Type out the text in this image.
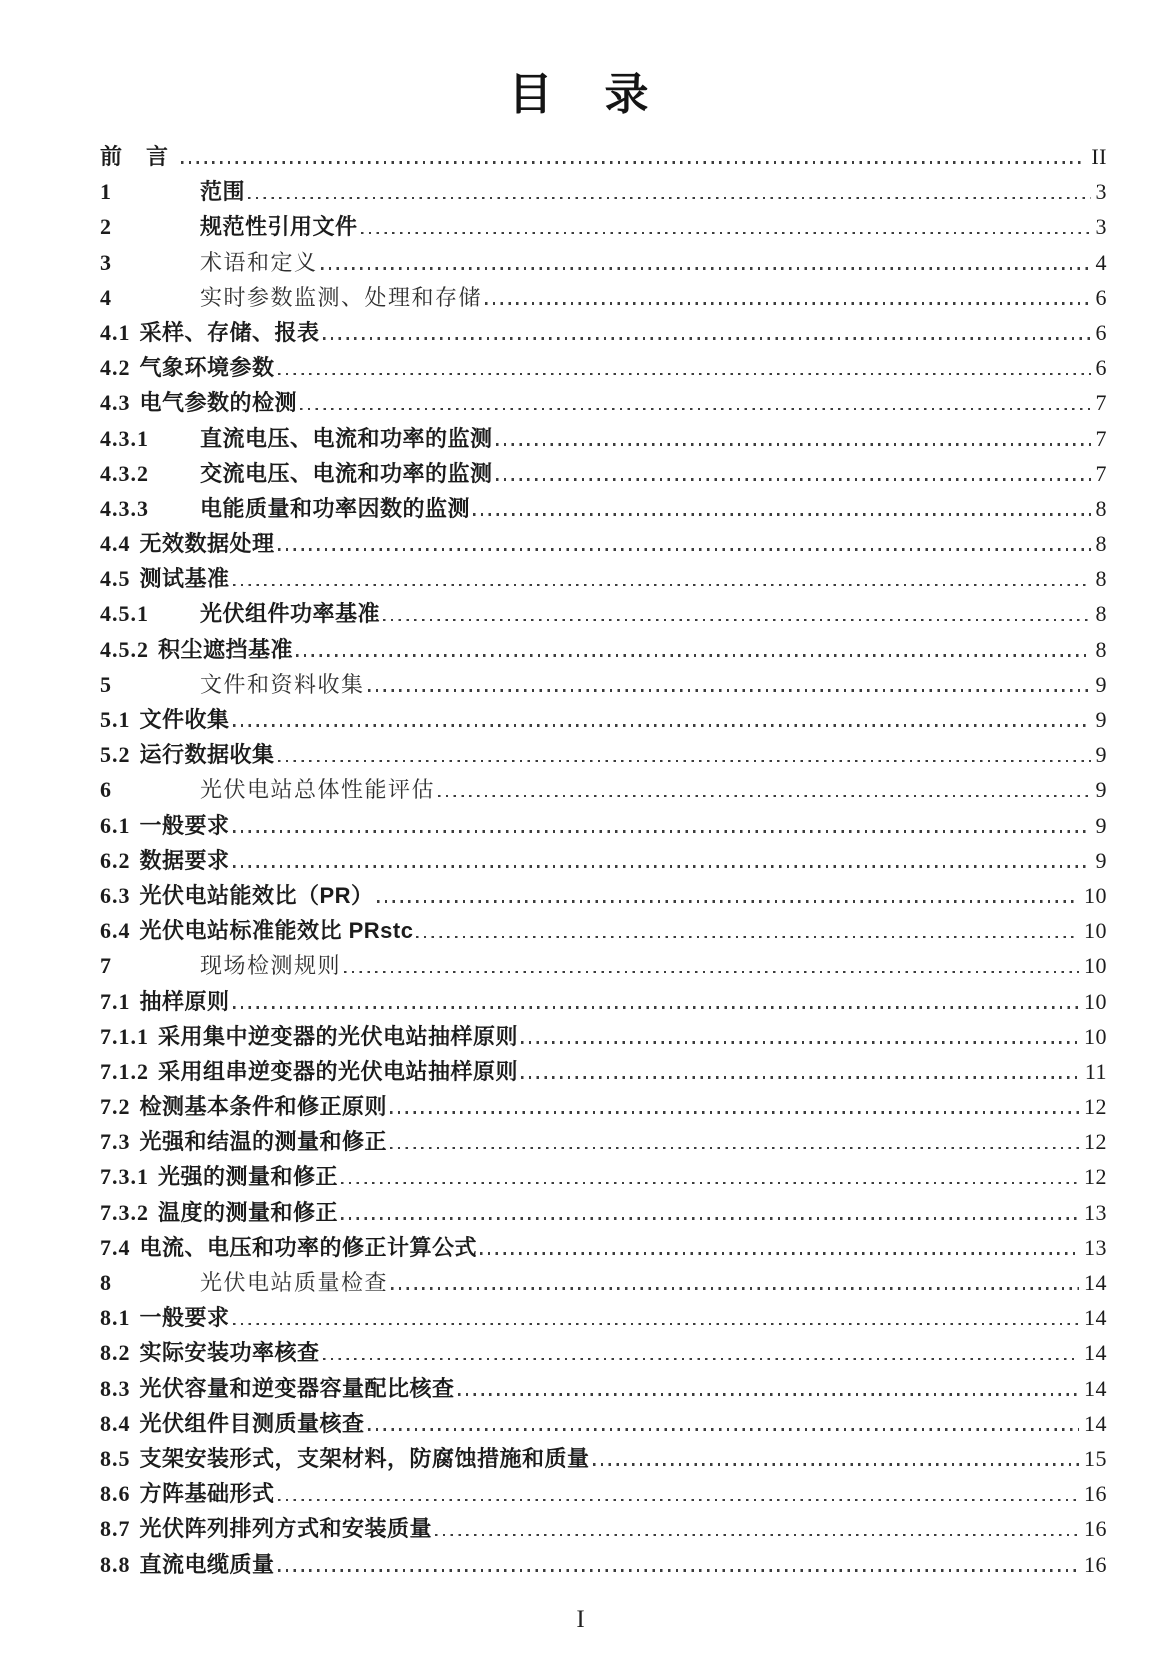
目　录
前　言	II
1	范围	3
2	规范性引用文件	3
3	术语和定义	4
4	实时参数监测、处理和存储	6
4.1 采样、存储、报表	6
4.2 气象环境参数	6
4.3 电气参数的检测	7
4.3.1	直流电压、电流和功率的监测	7
4.3.2	交流电压、电流和功率的监测	7
4.3.3	电能质量和功率因数的监测	8
4.4 无效数据处理	8
4.5 测试基准	8
4.5.1	光伏组件功率基准	8
4.5.2 积尘遮挡基准	8
5	文件和资料收集	9
5.1 文件收集	9
5.2 运行数据收集	9
6	光伏电站总体性能评估	9
6.1 一般要求	9
6.2 数据要求	9
6.3 光伏电站能效比（PR）	10
6.4 光伏电站标准能效比 PRstc	10
7	现场检测规则	10
7.1 抽样原则	10
7.1.1 采用集中逆变器的光伏电站抽样原则	10
7.1.2 采用组串逆变器的光伏电站抽样原则	11
7.2 检测基本条件和修正原则	12
7.3 光强和结温的测量和修正	12
7.3.1 光强的测量和修正	12
7.3.2 温度的测量和修正	13
7.4 电流、电压和功率的修正计算公式	13
8	光伏电站质量检查	14
8.1 一般要求	14
8.2 实际安装功率核查	14
8.3 光伏容量和逆变器容量配比核查	14
8.4 光伏组件目测质量核查	14
8.5 支架安装形式，支架材料，防腐蚀措施和质量	15
8.6 方阵基础形式	16
8.7 光伏阵列排列方式和安装质量	16
8.8 直流电缆质量	16
I
